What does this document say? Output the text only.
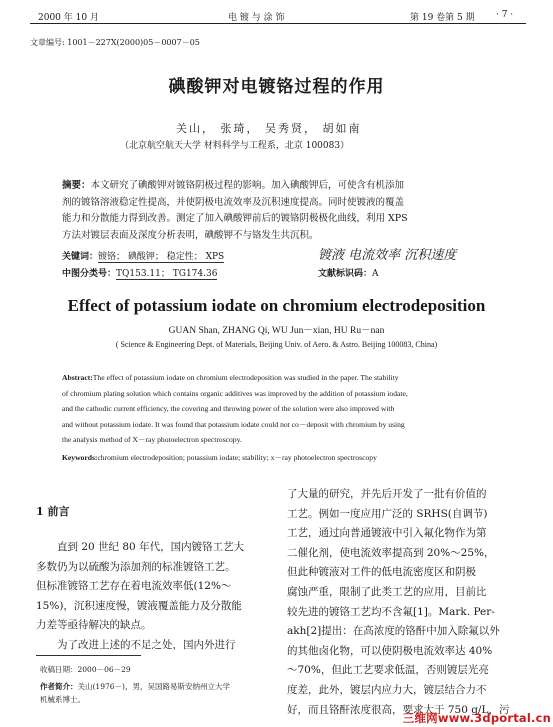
2000 年 10 月	电 镀 与 涂 饰	第 19 卷第 5 期 · 7 ·
文章编号: 1001－227X(2000)05－0007－05
碘酸钾对电镀铬过程的作用
关山， 张琦， 吴秀贤， 胡如南
（北京航空航天大学 材料科学与工程系，北京 100083）
摘要：本文研究了碘酸钾对镀铬阴极过程的影响。加入碘酸钾后，可使含有机添加
剂的镀铬溶液稳定性提高，并使阴极电流效率及沉积速度提高。同时使镀液的覆盖
能力和分散能力得到改善。测定了加入碘酸钾前后的镀铬阴极极化曲线，利用 XPS
方法对镀层表面及深度分析表明，碘酸钾不与铬发生共沉积。
关键词：镀铬； 碘酸钾； 稳定性； XPS	镀液 电流效率 沉积速度
中图分类号：TQ153.11； TG174.36	文献标识码：A
Effect of potassium iodate on chromium electrodeposition
GUAN Shan, ZHANG Qi, WU Jun－xian, HU Ru－nan
( Science & Engineering Dept. of Materials, Beijing Univ. of Aero. & Astro. Beijing 100083, China)
Abstract:The effect of potassium iodate on chromium electrodeposition was studied in the paper. The stability
of chromium plating solution which contains organic additives was improved by the addition of potassium iodate,
and the cathodic current efficiency, the covering and throwing power of the solution were also improved with
and without potassium iodate. It was found that potassium iodate could not co－deposit with chromium by using
the analysis method of X－ray photoelectron spectroscopy.
Keywords:chromium electrodeposition; potassium iodate; stability; x－ray photoelectron spectroscopy
1 前言
直到 20 世纪 80 年代，国内镀铬工艺大
多数仍为以硫酸为添加剂的标准镀铬工艺。
但标准镀铬工艺存在着电流效率低(12%～
15%)，沉积速度慢，镀液覆盖能力及分散能
力差等亟待解决的缺点。
为了改进上述的不足之处，国内外进行
收稿日期：2000－06－29
作者简介：关山(1976－)，男，吴国路易斯安纳州立大学
机械系博士。
了大量的研究，并先后开发了一批有价值的
工艺。例如一度应用广泛的 SRHS(自调节)
工艺，通过向普通镀液中引入氟化物作为第
二催化剂，使电流效率提高到 20%～25%，
但此种镀液对工件的低电流密度区和阴极
腐蚀严重，限制了此类工艺的应用，目前比
较先进的镀铬工艺均不含氟[1]。Mark. Per-
akh[2]提出：在高浓度的铬酐中加入除氟以外
的其他卤化物，可以使阴极电流效率达 40%
～70%，但此工艺要求低温，否则镀层光亮
度差，此外，镀层内应力大，镀层结合力不
好，而且铬酐浓度很高，要求大于 750 g/L，污
三维网www.3dportal.cn
